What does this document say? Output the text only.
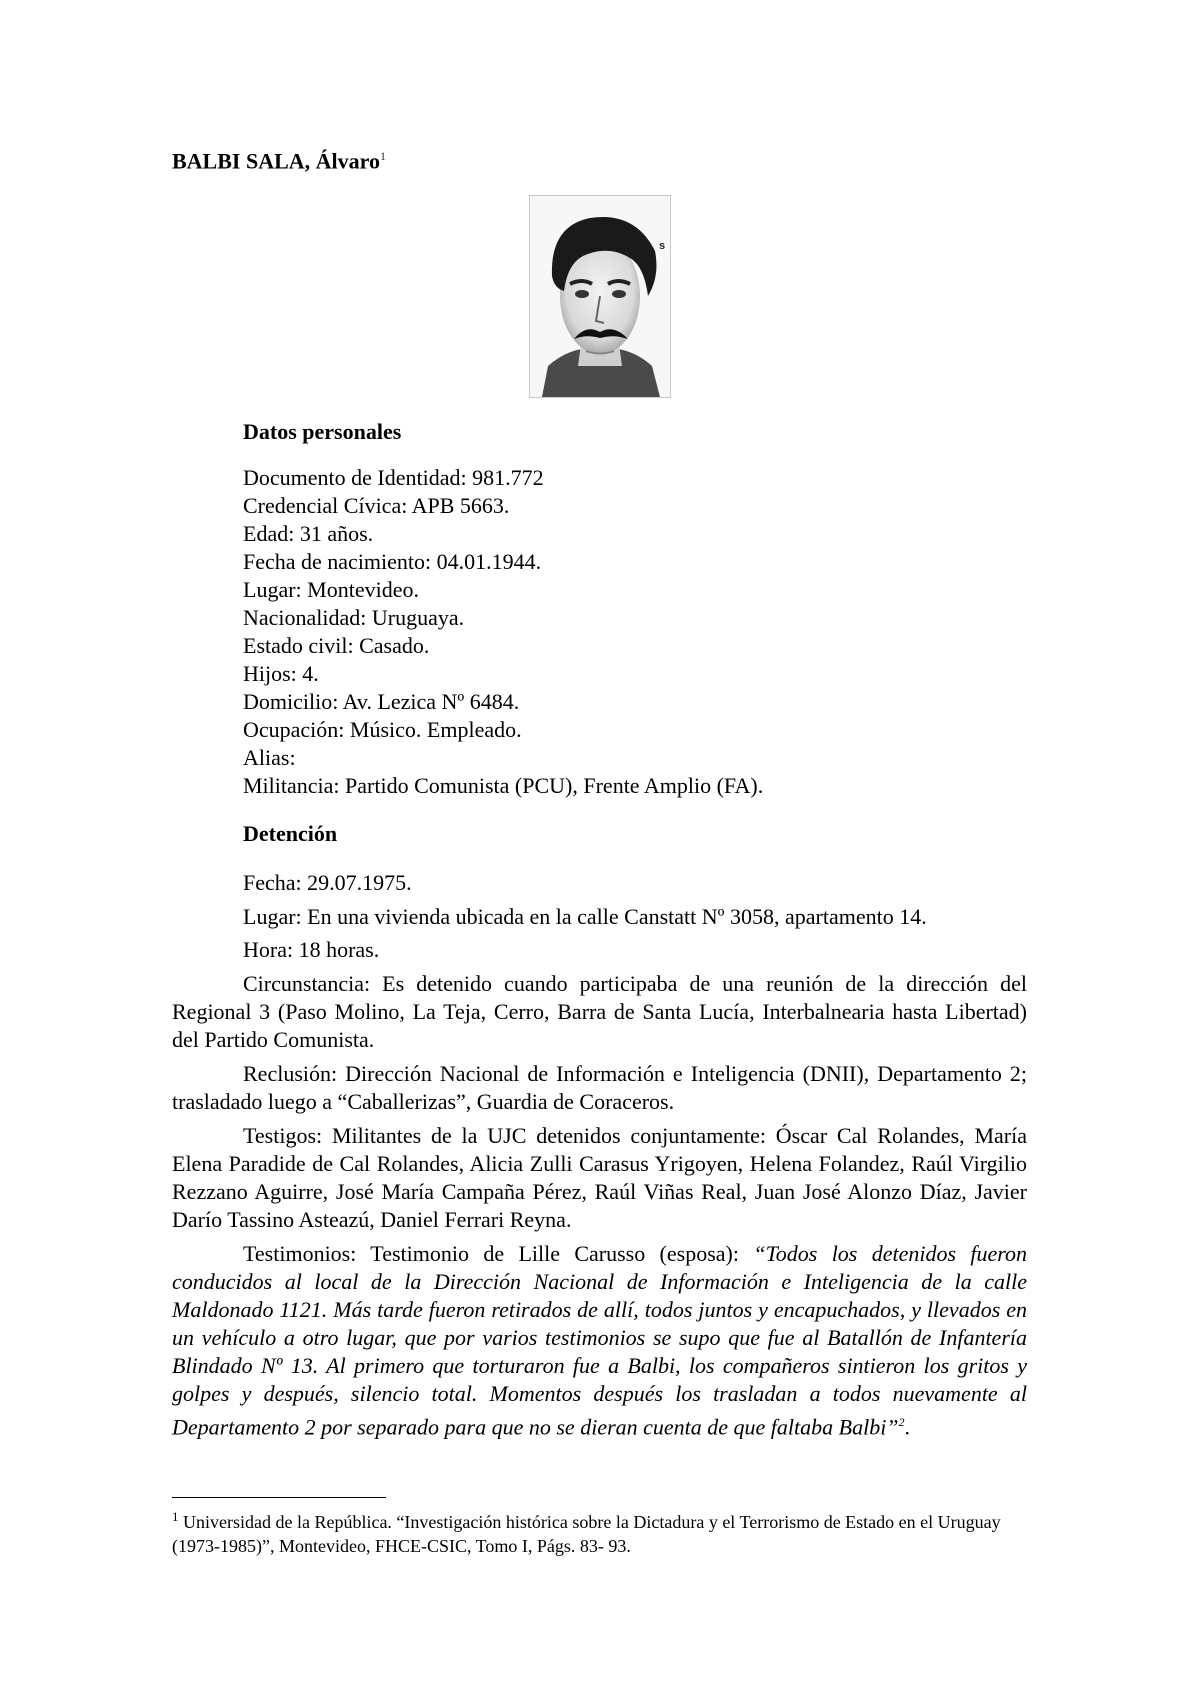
BALBI SALA, Álvaro$^1$
s
Datos personales
Documento de Identidad: 981.772
Credencial Cívica: APB 5663.
Edad: 31 años.
Fecha de nacimiento: 04.01.1944.
Lugar: Montevideo.
Nacionalidad: Uruguaya.
Estado civil: Casado.
Hijos: 4.
Domicilio: Av. Lezica Nº 6484.
Ocupación: Músico. Empleado.
Alias:
Militancia: Partido Comunista (PCU), Frente Amplio (FA).
Detención
Fecha: 29.07.1975.
Lugar: En una vivienda ubicada en la calle Canstatt Nº 3058, apartamento 14.
Hora: 18 horas.
Circunstancia: Es detenido cuando participaba de una reunión de la dirección del Regional 3 (Paso Molino, La Teja, Cerro, Barra de Santa Lucía, Interbalnearia hasta Libertad) del Partido Comunista.
Reclusión: Dirección Nacional de Información e Inteligencia (DNII), Departamento 2; trasladado luego a “Caballerizas”, Guardia de Coraceros.
Testigos: Militantes de la UJC detenidos conjuntamente: Óscar Cal Rolandes, María Elena Paradide de Cal Rolandes, Alicia Zulli Carasus Yrigoyen, Helena Folandez, Raúl Virgilio Rezzano Aguirre, José María Campaña Pérez, Raúl Viñas Real, Juan José Alonzo Díaz, Javier Darío Tassino Asteazú, Daniel Ferrari Reyna.
Testimonios: Testimonio de Lille Carusso (esposa): “Todos los detenidos fueron conducidos al local de la Dirección Nacional de Información e Inteligencia de la calle Maldonado 1121. Más tarde fueron retirados de allí, todos juntos y encapuchados, y llevados en un vehículo a otro lugar, que por varios testimonios se supo que fue al Batallón de Infantería Blindado Nº 13. Al primero que torturaron fue a Balbi, los compañeros sintieron los gritos y golpes y después, silencio total. Momentos después los trasladan a todos nuevamente al Departamento 2 por separado para que no se dieran cuenta de que faltaba Balbi”$^2$.
$^1$ Universidad de la República. “Investigación histórica sobre la Dictadura y el Terrorismo de Estado en el Uruguay (1973-1985)”, Montevideo, FHCE-CSIC, Tomo I, Págs. 83- 93.
